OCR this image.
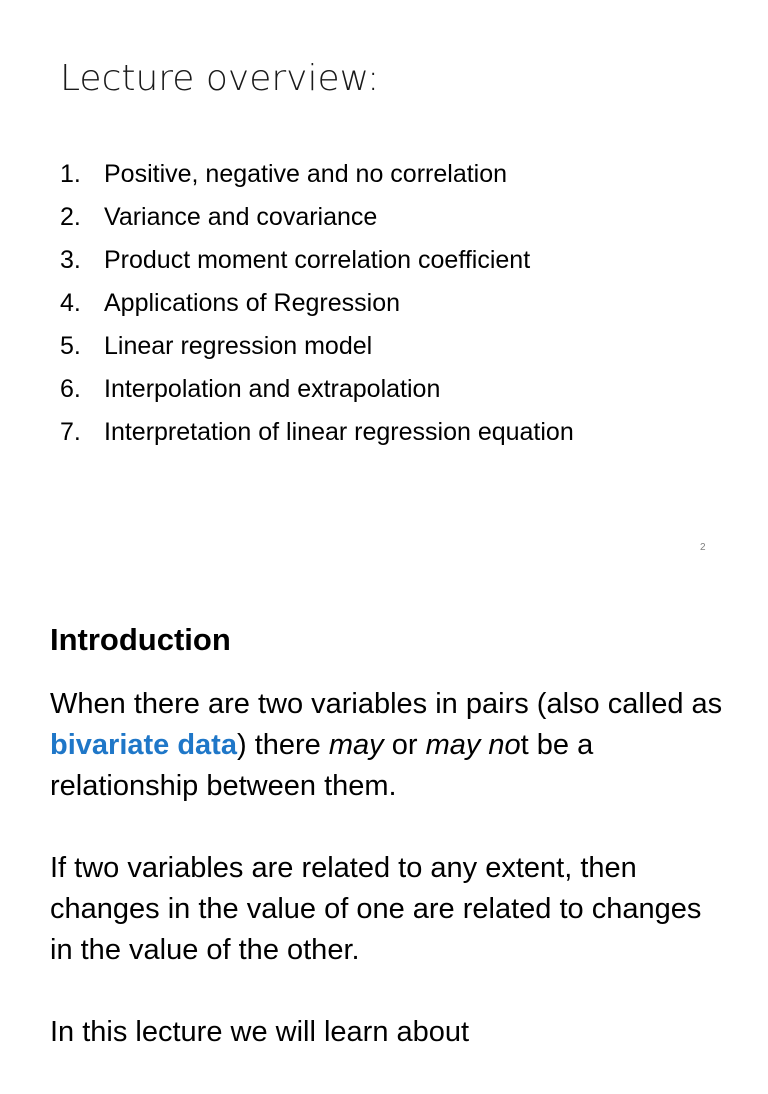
Lecture overview:
1. Positive, negative and no correlation
2. Variance and covariance
3. Product moment correlation coefficient
4. Applications of Regression
5. Linear regression model
6. Interpolation and extrapolation
7. Interpretation of linear regression equation
2
Introduction

When there are two variables in pairs (also called as bivariate data) there may or may not be a relationship between them.

If two variables are related to any extent, then changes in the value of one are related to changes in the value of the other.

In this lecture we will learn about
